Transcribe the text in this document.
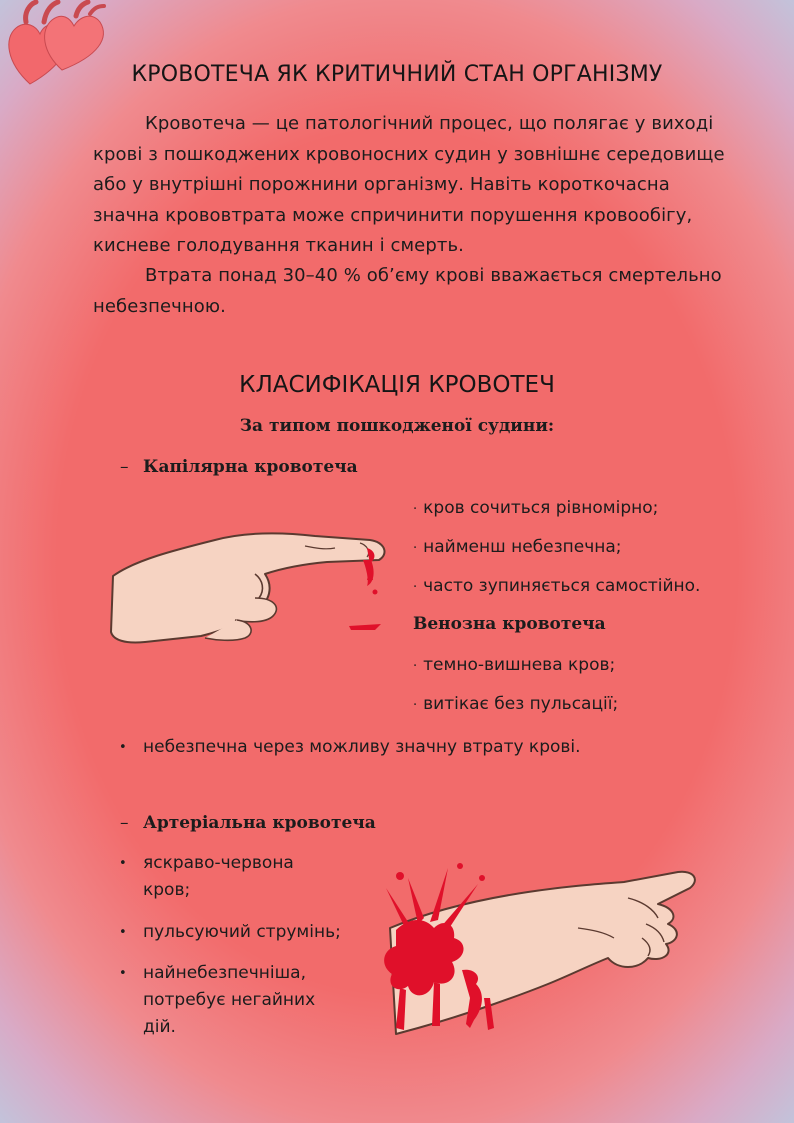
КРОВОТЕЧА ЯК КРИТИЧНИЙ СТАН ОРГАНІЗМУ
Кровотеча — це патологічний процес, що полягає у виході крові з пошкоджених кровоносних судин у зовнішнє середовище або у внутрішні порожнини організму. Навіть короткочасна значна крововтрата може спричинити порушення кровообігу, кисневе голодування тканин і смерть.
Втрата понад 30–40 % об’єму крові вважається смертельно небезпечною.
КЛАСИФІКАЦІЯ КРОВОТЕЧ
За типом пошкодженої судини:
– Капілярна кровотеча
· кров сочиться рівномірно;
· найменш небезпечна;
· часто зупиняється самостійно.
Венозна кровотеча
· темно-вишнева кров;
· витікає без пульсації;
• небезпечна через можливу значну втрату крові.
– Артеріальна кровотеча
• яскраво-червона
кров;
• пульсуючий струмінь;
• найнебезпечніша,
потребує негайних
дій.
